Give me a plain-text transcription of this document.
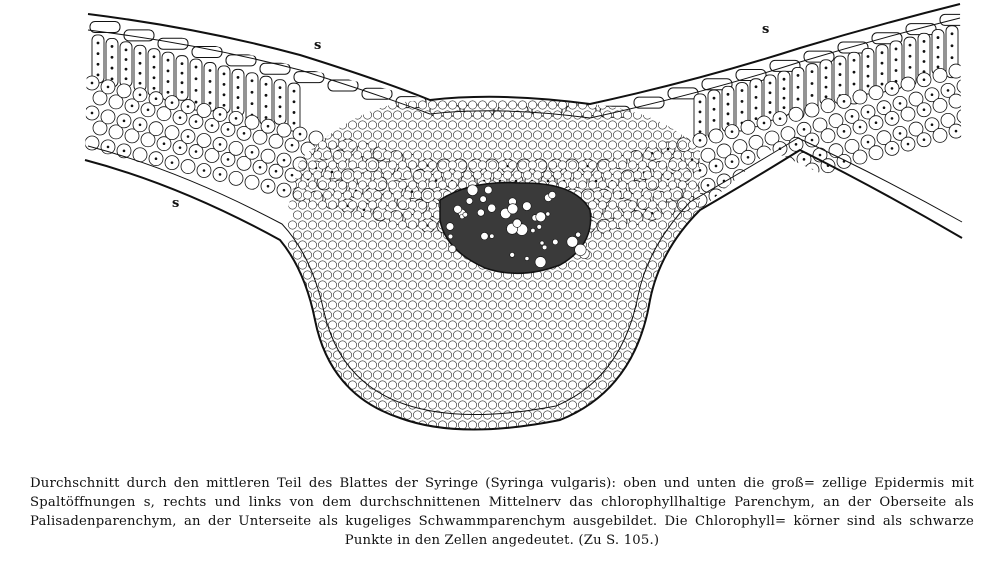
s
s
s
Durchschnitt durch den mittleren Teil des Blattes der Syringe (Syringa vulgaris): oben und unten die groß= zellige Epidermis mit Spaltöffnungen s, rechts und links von dem durchschnittenen Mittelnerv das chlorophyllhaltige Parenchym, an der Oberseite als Palisadenparenchym, an der Unterseite als kugeliges Schwammparenchym ausgebildet. Die Chlorophyll= körner sind als schwarze Punkte in den Zellen angedeutet. (Zu S. 105.)
